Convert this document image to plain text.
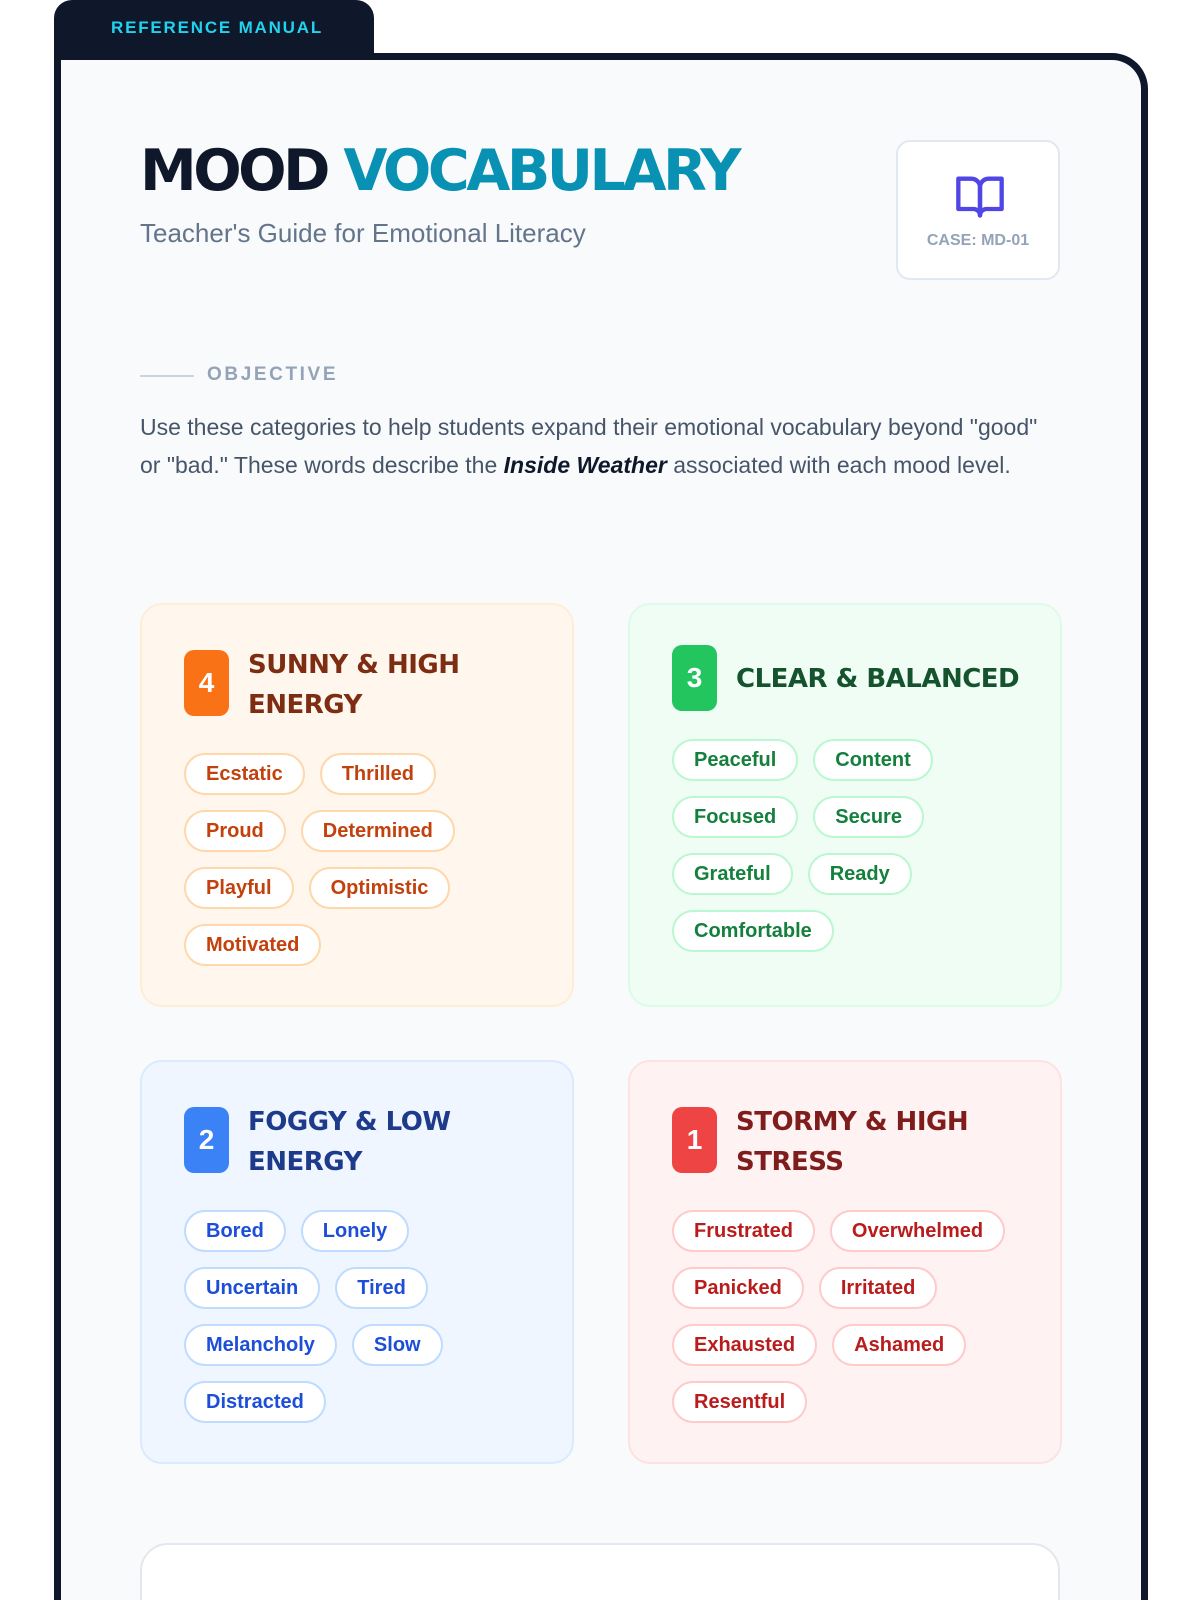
REFERENCE MANUAL
MOOD VOCABULARY
Teacher's Guide for Emotional Literacy	CASE: MD-01
OBJECTIVE

Use these categories to help students expand their emotional vocabulary beyond "good" or "bad." These words describe the Inside Weather associated with each mood level.

4
SUNNY & HIGH ENERGY
Ecstatic	Thrilled
Proud	Determined
Playful	Optimistic
Motivated
3	CLEAR & BALANCED
Peaceful	Content
Focused	Secure
Grateful	Ready
Comfortable
2
FOGGY & LOW ENERGY
Bored	Lonely
Uncertain	Tired
Melancholy	Slow
Distracted
1
STORMY & HIGH STRESS
Frustrated	Overwhelmed
Panicked	Irritated
Exhausted	Ashamed
Resentful
